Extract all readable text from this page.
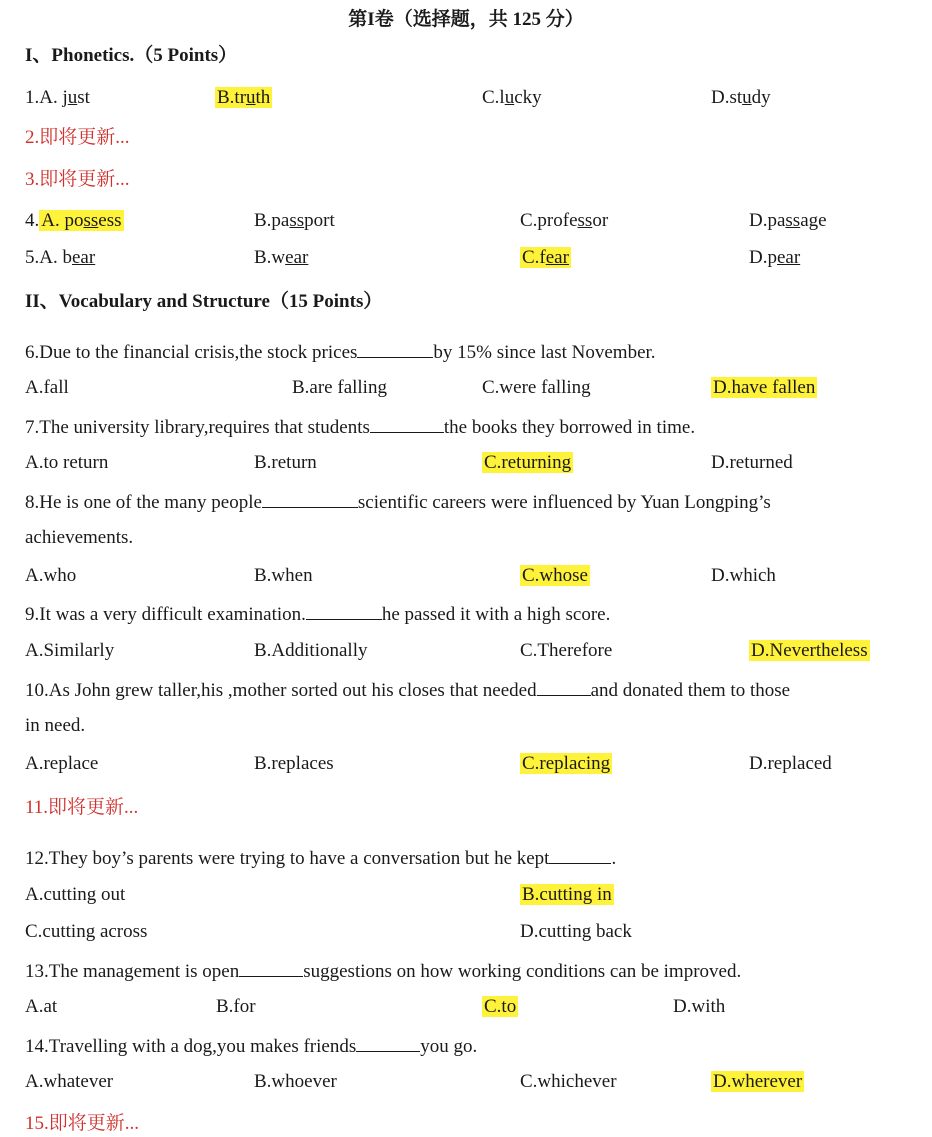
第I卷（选择题，共 125 分）
I、Phonetics.（5 Points）
1.A. just	B.truth	C.lucky	D.study
2.即将更新...
3.即将更新...
4. A. possess	B.passport	C.professor	D.passage
5.A. bear	B.wear	C.fear	D.pear
II、Vocabulary and Structure（15 Points）
6.Due to the financial crisis,the stock prices	by 15% since last November.
A.fall	B.are falling	C.were falling	D.have fallen
7.The university library,requires that students	the books they borrowed in time.
A.to return	B.return	C.returning	D.returned
8.He is one of the many people	scientific careers were influenced by Yuan Longping’s
achievements.
A.who	B.when	C.whose	D.which
9.It was a very difficult examination.	he passed it with a high score.
A.Similarly	B.Additionally	C.Therefore	D.Nevertheless
10.As John grew taller,his ,mother sorted out his closes that needed	and donated them to those
in need.
A.replace	B.replaces	C.replacing	D.replaced
11.即将更新...
12.They boy’s parents were trying to have a conversation but he kept	.
A.cutting out	B.cutting in
C.cutting across	D.cutting back
13.The management is open	suggestions on how working conditions can be improved.
A.at	B.for	C.to	D.with
14.Travelling with a dog,you makes friends	you go.
A.whatever	B.whoever	C.whichever	D.wherever
15.即将更新...
